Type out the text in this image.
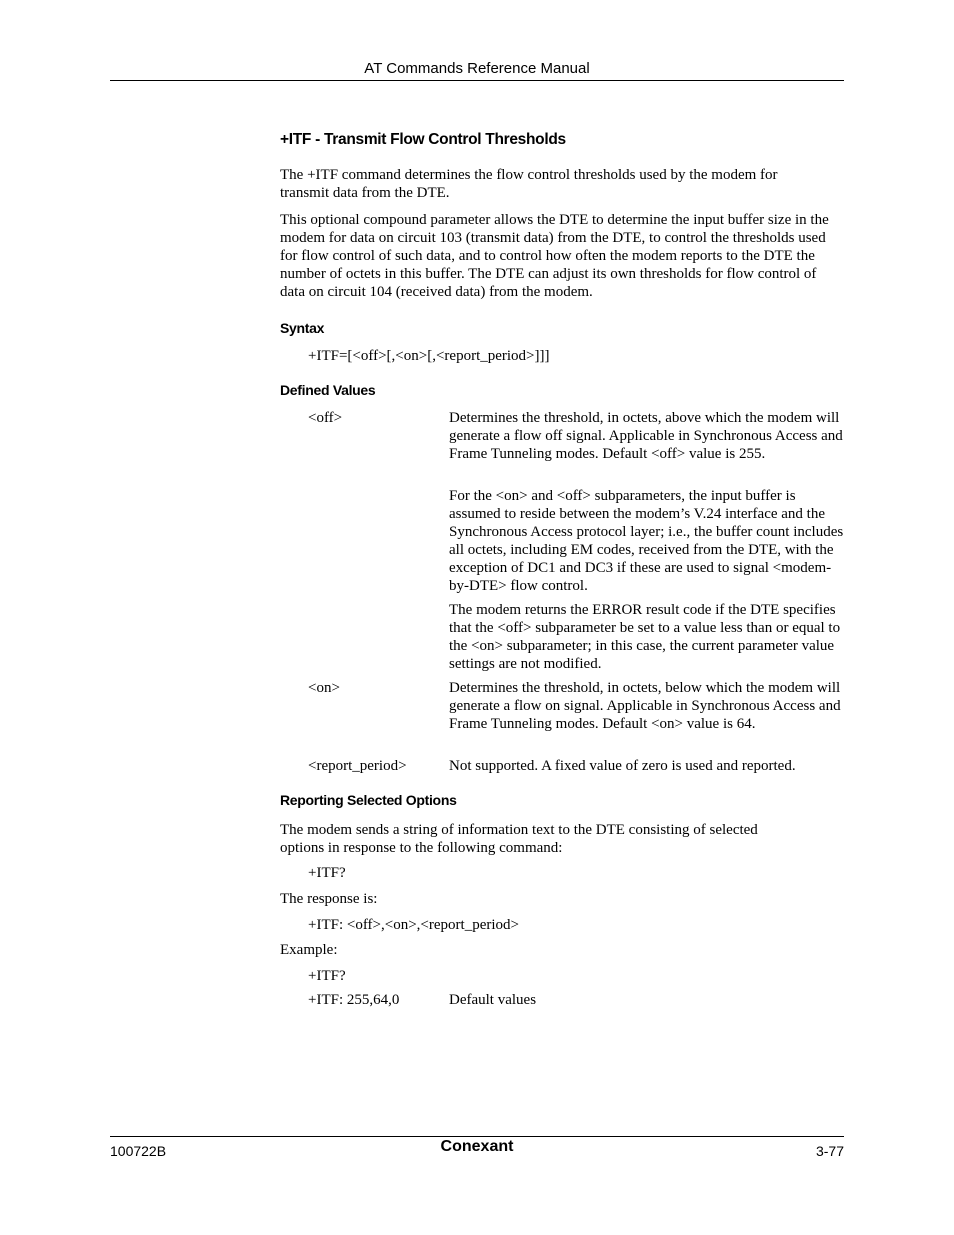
AT Commands Reference Manual
+ITF - Transmit Flow Control Thresholds
The +ITF command determines the flow control thresholds used by the modem for transmit data from the DTE.
This optional compound parameter allows the DTE to determine the input buffer size in the modem for data on circuit 103 (transmit data) from the DTE, to control the thresholds used for flow control of such data, and to control how often the modem reports to the DTE the number of octets in this buffer. The DTE can adjust its own thresholds for flow control of data on circuit 104 (received data) from the modem.
Syntax
+ITF=[<off>[,<on>[,<report_period>]]]
Defined Values
<off>	Determines the threshold, in octets, above which the modem will generate a flow off signal. Applicable in Synchronous Access and Frame Tunneling modes. Default <off> value is 255.
For the <on> and <off> subparameters, the input buffer is assumed to reside between the modem’s V.24 interface and the Synchronous Access protocol layer; i.e., the buffer count includes all octets, including EM codes, received from the DTE, with the exception of DC1 and DC3 if these are used to signal <modem-by-DTE> flow control.
The modem returns the ERROR result code if the DTE specifies that the <off> subparameter be set to a value less than or equal to the <on> subparameter; in this case, the current parameter value settings are not modified.
<on>	Determines the threshold, in octets, below which the modem will generate a flow on signal. Applicable in Synchronous Access and Frame Tunneling modes. Default <on> value is 64.
<report_period>	Not supported. A fixed value of zero is used and reported.
Reporting Selected Options
The modem sends a string of information text to the DTE consisting of selected options in response to the following command:
+ITF?
The response is:
+ITF: <off>,<on>,<report_period>
Example:
+ITF?
+ITF: 255,64,0	Default values
100722B	Conexant	3-77
